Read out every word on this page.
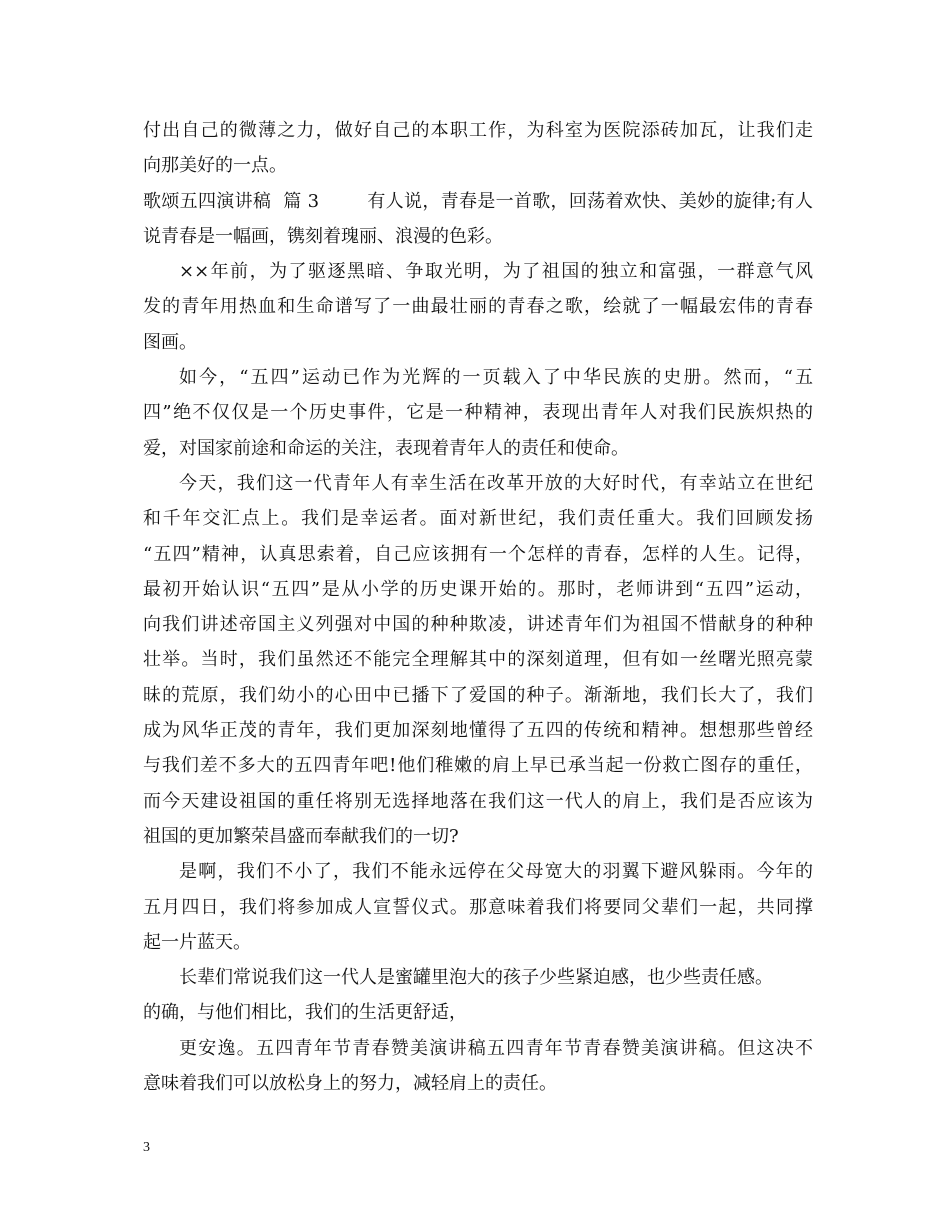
付出自己的微薄之力，做好自己的本职工作，为科室为医院添砖加瓦，让我们走
向那美好的一点。
歌颂五四演讲稿  篇 3        有人说，青春是一首歌，回荡着欢快、美妙的旋律;有人
说青春是一幅画，镌刻着瑰丽、浪漫的色彩。
××年前，为了驱逐黑暗、争取光明，为了祖国的独立和富强，一群意气风
发的青年用热血和生命谱写了一曲最壮丽的青春之歌，绘就了一幅最宏伟的青春
图画。
如今，“五四”运动已作为光辉的一页载入了中华民族的史册。然而，“五
四”绝不仅仅是一个历史事件，它是一种精神，表现出青年人对我们民族炽热的
爱，对国家前途和命运的关注，表现着青年人的责任和使命。
今天，我们这一代青年人有幸生活在改革开放的大好时代，有幸站立在世纪
和千年交汇点上。我们是幸运者。面对新世纪，我们责任重大。我们回顾发扬
“五四”精神，认真思索着，自己应该拥有一个怎样的青春，怎样的人生。记得，
最初开始认识“五四”是从小学的历史课开始的。那时，老师讲到“五四”运动，
向我们讲述帝国主义列强对中国的种种欺凌，讲述青年们为祖国不惜献身的种种
壮举。当时，我们虽然还不能完全理解其中的深刻道理，但有如一丝曙光照亮蒙
昧的荒原，我们幼小的心田中已播下了爱国的种子。渐渐地，我们长大了，我们
成为风华正茂的青年，我们更加深刻地懂得了五四的传统和精神。想想那些曾经
与我们差不多大的五四青年吧!他们稚嫩的肩上早已承当起一份救亡图存的重任，
而今天建设祖国的重任将别无选择地落在我们这一代人的肩上，我们是否应该为
祖国的更加繁荣昌盛而奉献我们的一切?
是啊，我们不小了，我们不能永远停在父母宽大的羽翼下避风躲雨。今年的
五月四日，我们将参加成人宣誓仪式。那意味着我们将要同父辈们一起，共同撑
起一片蓝天。
长辈们常说我们这一代人是蜜罐里泡大的孩子少些紧迫感，也少些责任感。
的确，与他们相比，我们的生活更舒适，
更安逸。五四青年节青春赞美演讲稿五四青年节青春赞美演讲稿。但这决不
意味着我们可以放松身上的努力，减轻肩上的责任。
3
